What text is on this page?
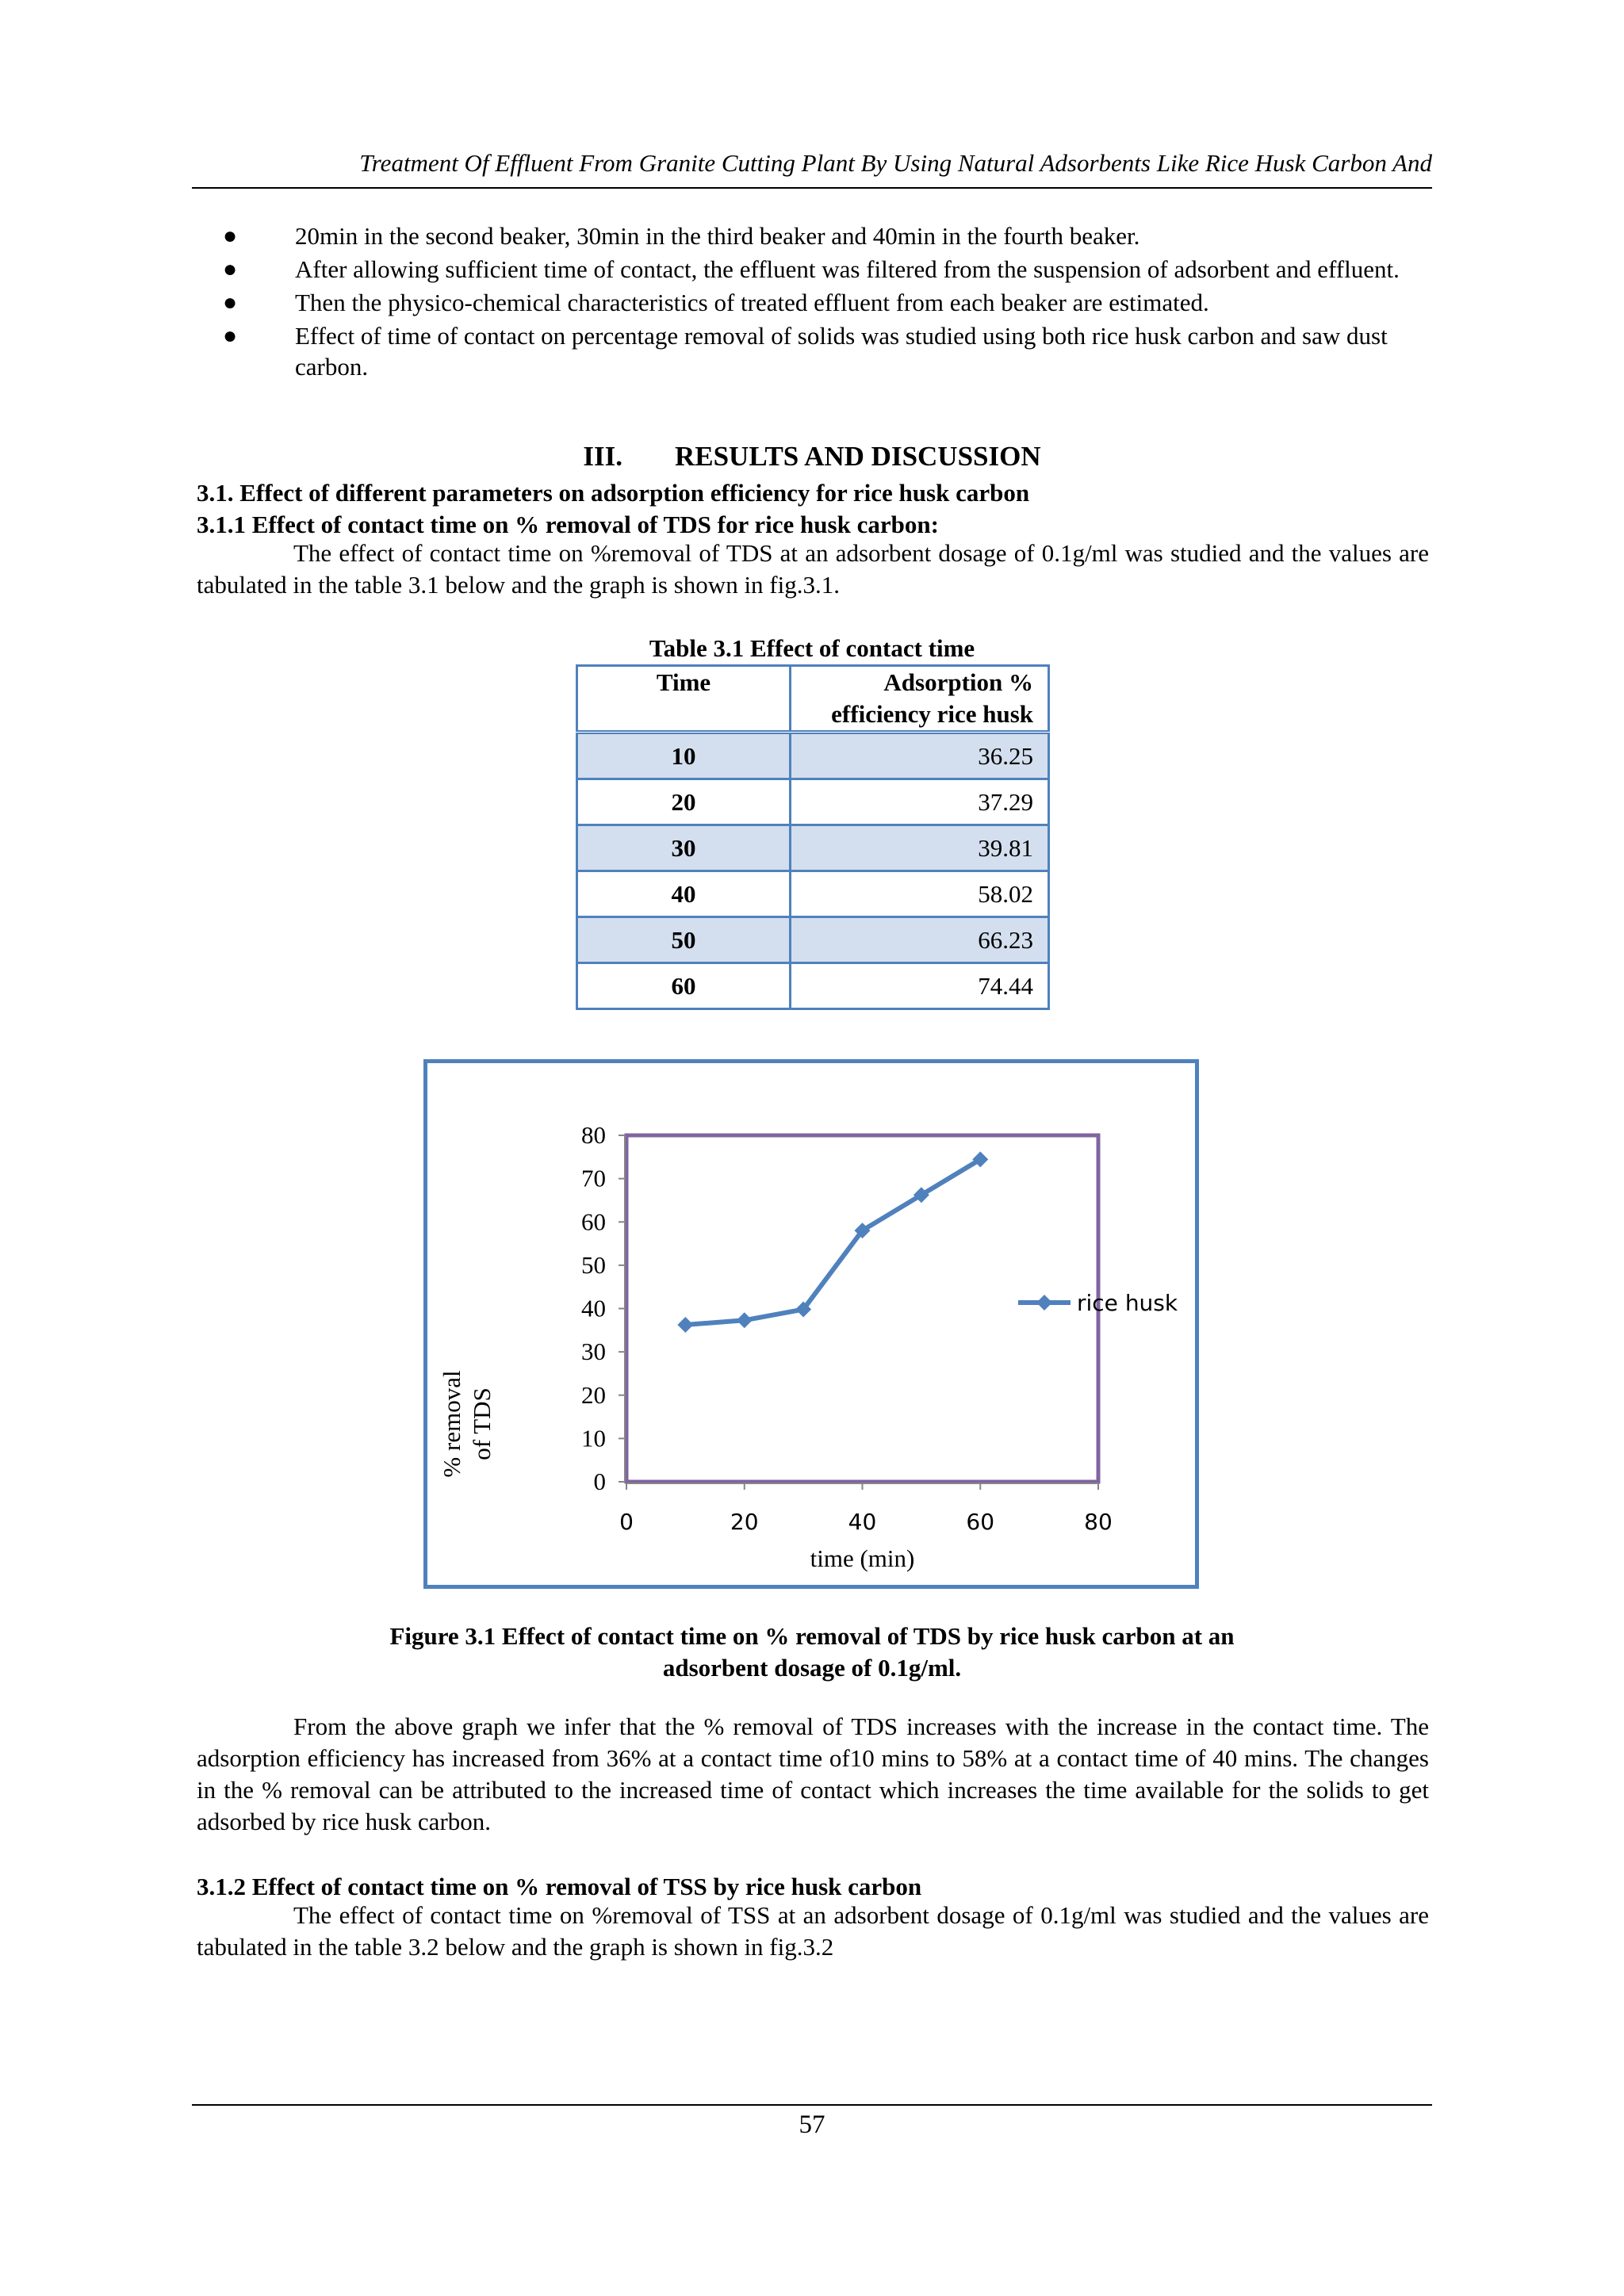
Treatment Of Effluent From Granite Cutting Plant By Using Natural Adsorbents Like Rice Husk Carbon And
● 20min in the second beaker, 30min in the third beaker and 40min in the fourth beaker.
● After allowing sufficient time of contact, the effluent was filtered from the suspension of adsorbent and effluent.
● Then the physico-chemical characteristics of treated effluent from each beaker are estimated.
● Effect of time of contact on percentage removal of solids was studied using both rice husk carbon and saw dust carbon.
III. RESULTS AND DISCUSSION
3.1. Effect of different parameters on adsorption efficiency for rice husk carbon
3.1.1 Effect of contact time on % removal of TDS for rice husk carbon:

The effect of contact time on %removal of TDS at an adsorbent dosage of 0.1g/ml was studied and the values are tabulated in the table 3.1 below and the graph is shown in fig.3.1.

Table 3.1 Effect of contact time
Time	Adsorption %
efficiency rice husk
10	36.25
20	37.29
30	39.81
40	58.02
50	66.23
60	74.44
0
10
20
30
40
50
60
70
80
0	20	40	60	80
time (min)
% removal of TDS
rice husk
Figure 3.1 Effect of contact time on % removal of TDS by rice husk carbon at an
adsorbent dosage of 0.1g/ml.

From the above graph we infer that the % removal of TDS increases with the increase in the contact time. The adsorption efficiency has increased from 36% at a contact time of10 mins to 58% at a contact time of 40 mins. The changes in the % removal can be attributed to the increased time of contact which increases the time available for the solids to get adsorbed by rice husk carbon.

3.1.2 Effect of contact time on % removal of TSS by rice husk carbon

The effect of contact time on %removal of TSS at an adsorbent dosage of 0.1g/ml was studied and the values are tabulated in the table 3.2 below and the graph is shown in fig.3.2

57
